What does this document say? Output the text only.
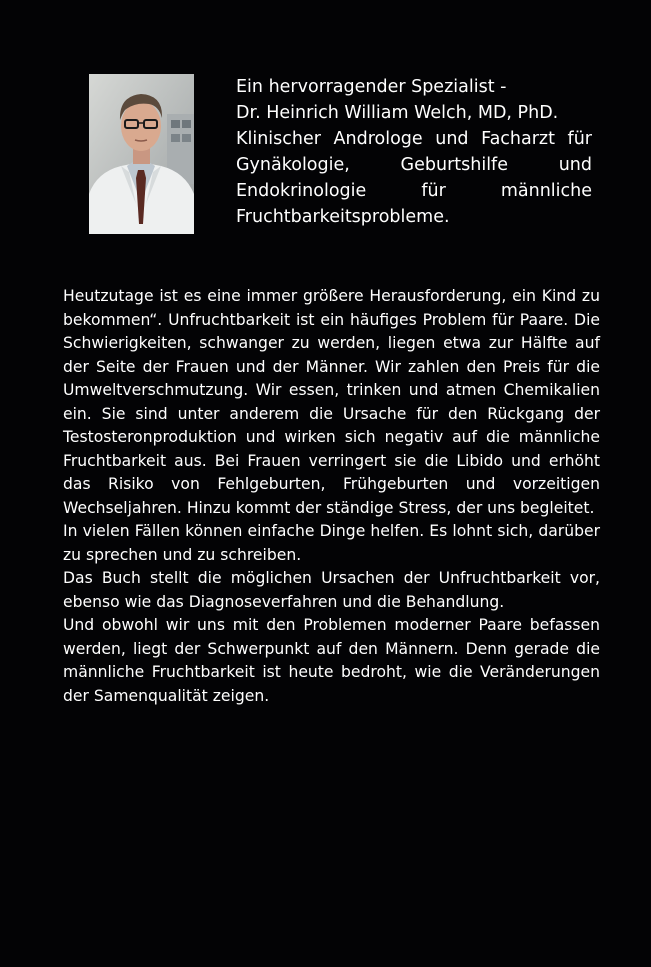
Ein hervorragender Spezialist -
Dr. Heinrich William Welch, MD, PhD.
Klinischer Androloge und Facharzt für Gynäkologie, Geburtshilfe und Endokrinologie für männliche Fruchtbarkeitsprobleme.

Heutzutage ist es eine immer größere Herausforderung, ein Kind zu bekommen“. Unfruchtbarkeit ist ein häufiges Problem für Paare. Die Schwierigkeiten, schwanger zu werden, liegen etwa zur Hälfte auf der Seite der Frauen und der Männer. Wir zahlen den Preis für die Umweltverschmutzung. Wir essen, trinken und atmen Chemikalien ein. Sie sind unter anderem die Ursache für den Rückgang der Testosteronproduktion und wirken sich negativ auf die männliche Fruchtbarkeit aus. Bei Frauen verringert sie die Libido und erhöht das Risiko von Fehlgeburten, Frühgeburten und vorzeitigen Wechseljahren. Hinzu kommt der ständige Stress, der uns begleitet.

In vielen Fällen können einfache Dinge helfen. Es lohnt sich, darüber zu sprechen und zu schreiben.

Das Buch stellt die möglichen Ursachen der Unfruchtbarkeit vor, ebenso wie das Diagnoseverfahren und die Behandlung.

Und obwohl wir uns mit den Problemen moderner Paare befassen werden, liegt der Schwerpunkt auf den Männern. Denn gerade die männliche Fruchtbarkeit ist heute bedroht, wie die Veränderungen der Samenqualität zeigen.
